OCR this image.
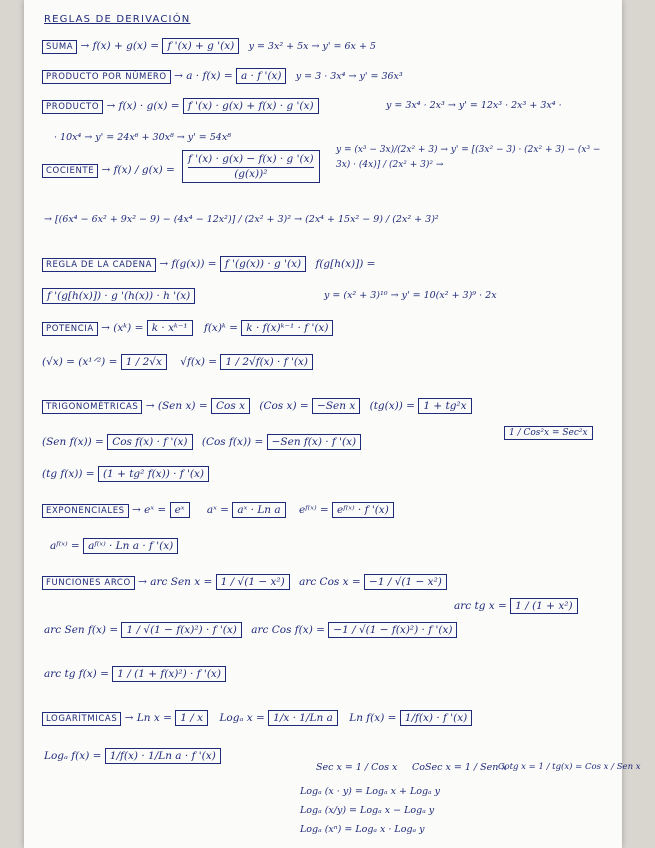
REGLAS DE DERIVACIÓN
SUMA → f(x) + g(x) = f '(x) + g '(x) y = 3x² + 5x → y' = 6x + 5
PRODUCTO POR NÚMERO → a · f(x) = a · f '(x) y = 3 · 3x⁴ → y' = 36x³
PRODUCTO → f(x) · g(x) = f '(x) · g(x) + f(x) · g '(x)	y = 3x⁴ · 2x³ → y' = 12x³ · 2x³ + 3x⁴ ·
· 10x⁴ → y' = 24x⁶ + 30x⁸ → y' = 54x⁸
COCIENTE → $f(x) / g(x) = \frac{f '(x) \cdot g(x) - f(x) \cdot g '(x)}{\text{(g(x))²}}$ y = (x³ − 3x)/(2x² + 3) → y' = [(3x² − 3) · (2x² + 3) − (x³ − 3x) · (4x)] / (2x² + 3)² →
→ [(6x⁴ − 6x² + 9x² − 9) − (4x⁴ − 12x²)] / (2x² + 3)² → (2x⁴ + 15x² − 9) / (2x² + 3)²
REGLA DE LA CADENA → f(g(x)) = f '(g(x)) · g '(x) f(g[h(x)]) =
f '(g[h(x)]) · g '(h(x)) · h '(x)	y = (x² + 3)¹⁰ → y' = 10(x² + 3)⁹ · 2x
POTENCIA → (xᵏ) = k · xᵏ⁻¹ f(x)ᵏ = k · f(x)ᵏ⁻¹ · f '(x)
(√x) = (x¹ᐟ²) = 1 / 2√x √f(x) = 1 / 2√f(x) · f '(x)
TRIGONOMÉTRICAS → (Sen x) = Cos x (Cos x) = −Sen x (tg(x)) = 1 + tg²x
1 / Cos²x = Sec²x
(Sen f(x)) = Cos f(x) · f '(x) (Cos f(x)) = −Sen f(x) · f '(x)
(tg f(x)) = (1 + tg² f(x)) · f '(x)
EXPONENCIALES → eˣ = eˣ aˣ = aˣ · Ln a eᶠ⁽ˣ⁾ = eᶠ⁽ˣ⁾ · f '(x)
aᶠ⁽ˣ⁾ = aᶠ⁽ˣ⁾ · Ln a · f '(x)
FUNCIONES ARCO → arc Sen x = 1 / √(1 − x²) arc Cos x = −1 / √(1 − x²)
arc tg x = 1 / (1 + x²)
arc Sen f(x) = 1 / √(1 − f(x)²) · f '(x) arc Cos f(x) = −1 / √(1 − f(x)²) · f '(x)
arc tg f(x) = 1 / (1 + f(x)²) · f '(x)
LOGARÍTMICAS → Ln x = 1 / x Logₐ x = 1/x · 1/Ln a Ln f(x) = 1/f(x) · f '(x)
Logₐ f(x) = 1/f(x) · 1/Ln a · f '(x)
Sec x = 1 / Cos x CoSec x = 1 / Sen x
Cotg x = 1 / tg(x) = Cos x / Sen x
Logₐ (x · y) = Logₐ x + Logₐ y
Logₐ (x/y) = Logₐ x − Logₐ y
Logₐ (xⁿ) = Logₐ x · Logₐ y
